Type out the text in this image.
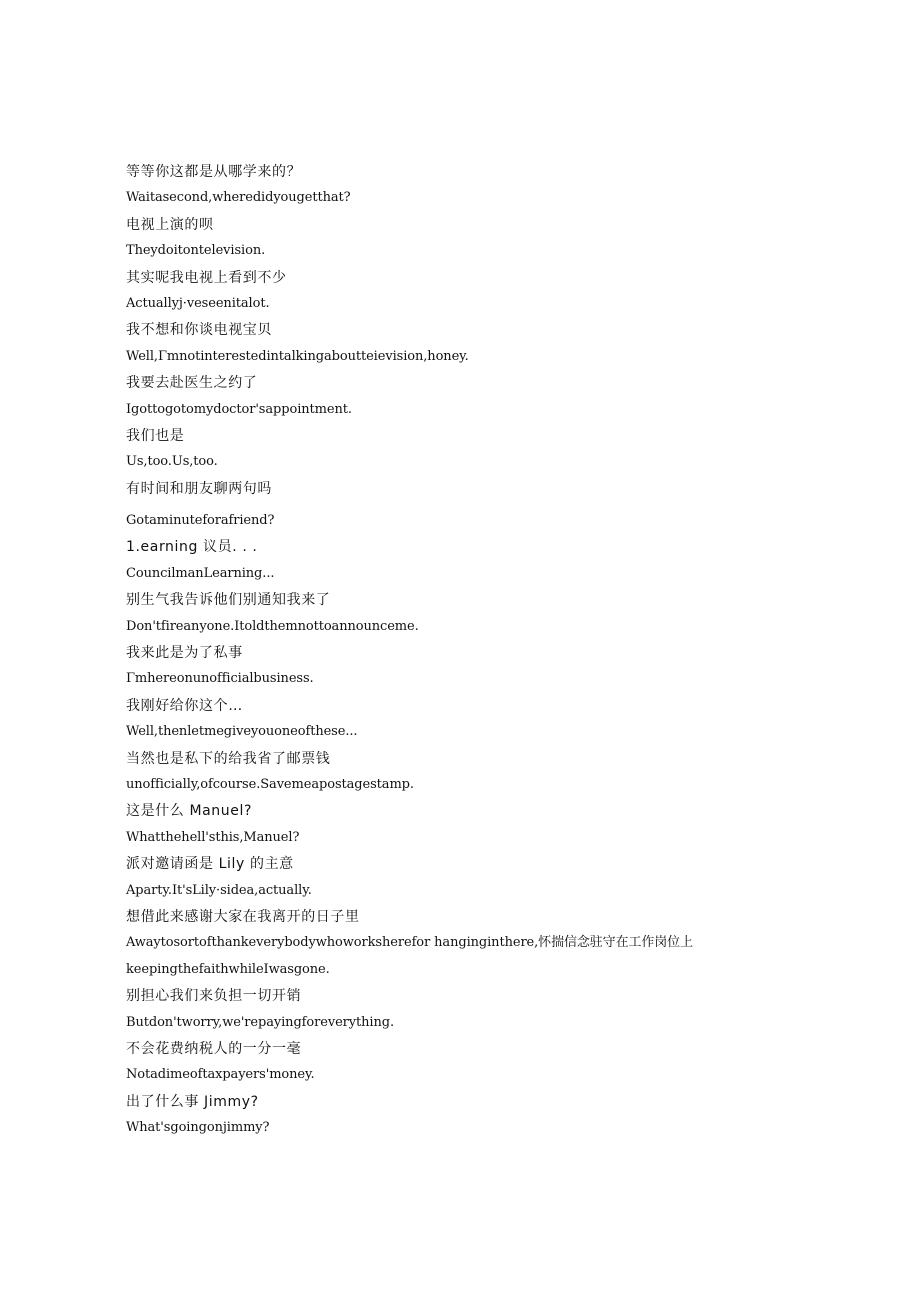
等等你这都是从哪学来的？
Waitasecond,wheredidyougetthat?
电视上演的呗
Theydoitontelevision.
其实呢我电视上看到不少
Actuallyj·veseenitalot.
我不想和你谈电视宝贝
Well,Γmnotinterestedintalkingaboutteievision,honey.
我要去赴医生之约了
Igottogotomydoctor'sappointment.
我们也是
Us,too.Us,too.
有时间和朋友聊两句吗
Gotaminuteforafriend?
1.earning 议员. . .
CouncilmanLearning...
别生气我告诉他们别通知我来了
Don'tfireanyone.Itoldthemnottoannounceme.
我来此是为了私事
Γmhereonunofficialbusiness.
我刚好给你这个…
Well,thenletmegiveyouoneofthese...
当然也是私下的给我省了邮票钱
unofficially,ofcourse.Savemeapostagestamp.
这是什么 Manuel?
Whatthehell'sthis,Manuel?
派对邀请函是 Lily 的主意
Aparty.It'sLily·sidea,actually.
想借此来感谢大家在我离开的日子里
Awaytosortofthankeverybodywhoworksherefor hanginginthere,怀揣信念驻守在工作岗位上
keepingthefaithwhileIwasgone.
别担心我们来负担一切开销
Butdon'tworry,we'repayingforeverything.
不会花费纳税人的一分一毫
Notadimeoftaxpayers'money.
出了什么事 Jimmy?
What'sgoingonjimmy?
